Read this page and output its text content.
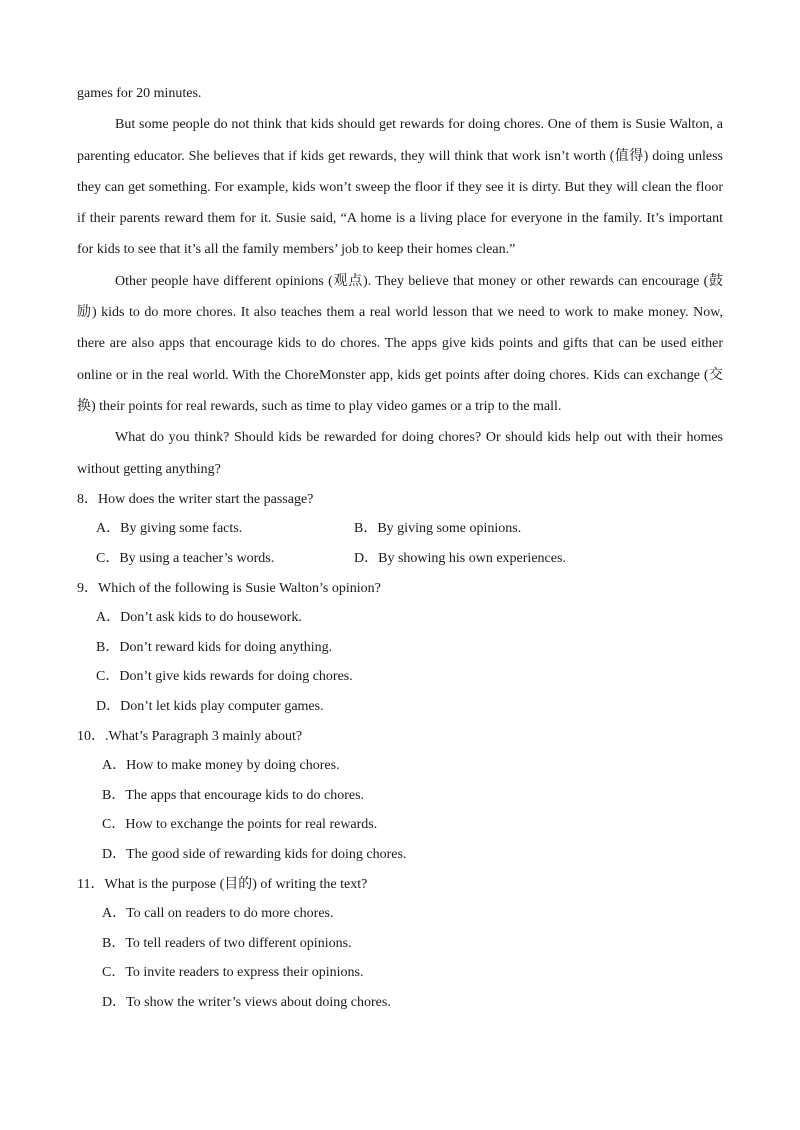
games for 20 minutes.

But some people do not think that kids should get rewards for doing chores. One of them is Susie Walton, a parenting educator. She believes that if kids get rewards, they will think that work isn’t worth (值得) doing unless they can get something. For example, kids won’t sweep the floor if they see it is dirty. But they will clean the floor if their parents reward them for it. Susie said, “A home is a living place for everyone in the family. It’s important for kids to see that it’s all the family members’ job to keep their homes clean.”

Other people have different opinions (观点). They believe that money or other rewards can encourage (鼓励) kids to do more chores. It also teaches them a real world lesson that we need to work to make money. Now, there are also apps that encourage kids to do chores. The apps give kids points and gifts that can be used either online or in the real world. With the ChoreMonster app, kids get points after doing chores. Kids can exchange (交换) their points for real rewards, such as time to play video games or a trip to the mall.

What do you think? Should kids be rewarded for doing chores? Or should kids help out with their homes without getting anything?

8．How does the writer start the passage?

A．By giving some facts.	B．By giving some opinions.

C．By using a teacher’s words.	D．By showing his own experiences.

9．Which of the following is Susie Walton’s opinion?

A．Don’t ask kids to do housework.

B．Don’t reward kids for doing anything.

C．Don’t give kids rewards for doing chores.

D．Don’t let kids play computer games.

10．.What’s Paragraph 3 mainly about?

A．How to make money by doing chores.

B．The apps that encourage kids to do chores.

C．How to exchange the points for real rewards.

D．The good side of rewarding kids for doing chores.

11．What is the purpose (目的) of writing the text?

A．To call on readers to do more chores.

B．To tell readers of two different opinions.

C．To invite readers to express their opinions.

D．To show the writer’s views about doing chores.
